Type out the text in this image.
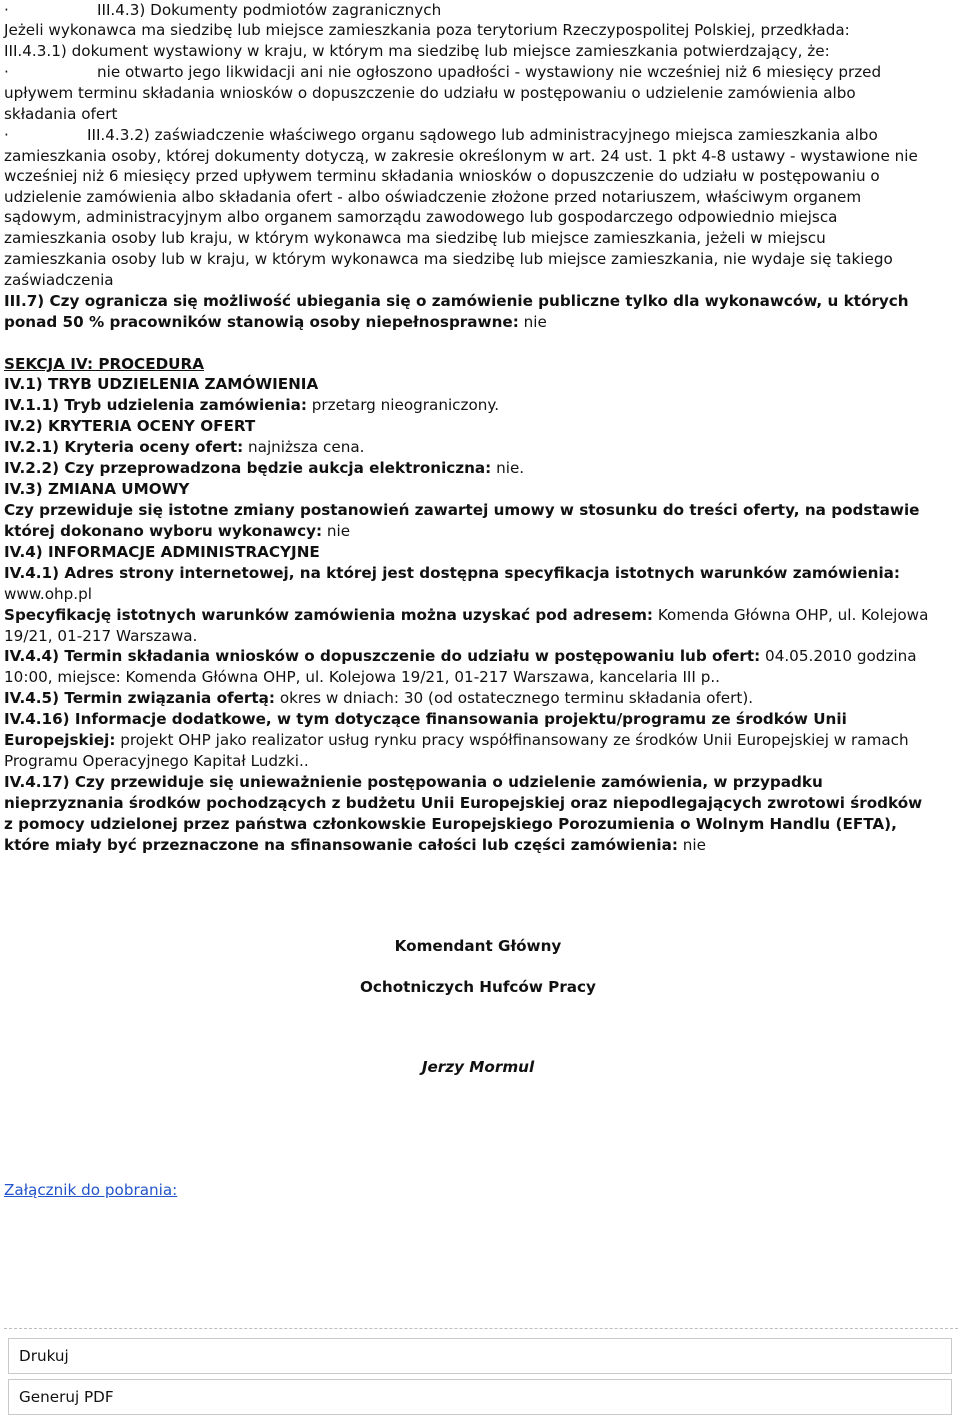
·	III.4.3) Dokumenty podmiotów zagranicznych
Jeżeli wykonawca ma siedzibę lub miejsce zamieszkania poza terytorium Rzeczypospolitej Polskiej, przedkłada:
III.4.3.1) dokument wystawiony w kraju, w którym ma siedzibę lub miejsce zamieszkania potwierdzający, że:
·	nie otwarto jego likwidacji ani nie ogłoszono upadłości - wystawiony nie wcześniej niż 6 miesięcy przed
upływem terminu składania wniosków o dopuszczenie do udziału w postępowaniu o udzielenie zamówienia albo
składania ofert
·	III.4.3.2) zaświadczenie właściwego organu sądowego lub administracyjnego miejsca zamieszkania albo
zamieszkania osoby, której dokumenty dotyczą, w zakresie określonym w art. 24 ust. 1 pkt 4-8 ustawy - wystawione nie
wcześniej niż 6 miesięcy przed upływem terminu składania wniosków o dopuszczenie do udziału w postępowaniu o
udzielenie zamówienia albo składania ofert - albo oświadczenie złożone przed notariuszem, właściwym organem
sądowym, administracyjnym albo organem samorządu zawodowego lub gospodarczego odpowiednio miejsca
zamieszkania osoby lub kraju, w którym wykonawca ma siedzibę lub miejsce zamieszkania, jeżeli w miejscu
zamieszkania osoby lub w kraju, w którym wykonawca ma siedzibę lub miejsce zamieszkania, nie wydaje się takiego
zaświadczenia
III.7) Czy ogranicza się możliwość ubiegania się o zamówienie publiczne tylko dla wykonawców, u których
ponad 50 % pracowników stanowią osoby niepełnosprawne: nie
SEKCJA IV: PROCEDURA
IV.1) TRYB UDZIELENIA ZAMÓWIENIA
IV.1.1) Tryb udzielenia zamówienia: przetarg nieograniczony.
IV.2) KRYTERIA OCENY OFERT
IV.2.1) Kryteria oceny ofert: najniższa cena.
IV.2.2) Czy przeprowadzona będzie aukcja elektroniczna: nie.
IV.3) ZMIANA UMOWY
Czy przewiduje się istotne zmiany postanowień zawartej umowy w stosunku do treści oferty, na podstawie
której dokonano wyboru wykonawcy: nie
IV.4) INFORMACJE ADMINISTRACYJNE
IV.4.1) Adres strony internetowej, na której jest dostępna specyfikacja istotnych warunków zamówienia:
www.ohp.pl
Specyfikację istotnych warunków zamówienia można uzyskać pod adresem: Komenda Główna OHP, ul. Kolejowa
19/21, 01-217 Warszawa.
IV.4.4) Termin składania wniosków o dopuszczenie do udziału w postępowaniu lub ofert: 04.05.2010 godzina
10:00, miejsce: Komenda Główna OHP, ul. Kolejowa 19/21, 01-217 Warszawa, kancelaria III p..
IV.4.5) Termin związania ofertą: okres w dniach: 30 (od ostatecznego terminu składania ofert).
IV.4.16) Informacje dodatkowe, w tym dotyczące finansowania projektu/programu ze środków Unii
Europejskiej: projekt OHP jako realizator usług rynku pracy współfinansowany ze środków Unii Europejskiej w ramach
Programu Operacyjnego Kapitał Ludzki..
IV.4.17) Czy przewiduje się unieważnienie postępowania o udzielenie zamówienia, w przypadku
nieprzyznania środków pochodzących z budżetu Unii Europejskiej oraz niepodlegających zwrotowi środków
z pomocy udzielonej przez państwa członkowskie Europejskiego Porozumienia o Wolnym Handlu (EFTA),
które miały być przeznaczone na sfinansowanie całości lub części zamówienia: nie
Komendant Główny
Ochotniczych Hufców Pracy
Jerzy Mormul
Załącznik do pobrania:
Drukuj
Generuj PDF
